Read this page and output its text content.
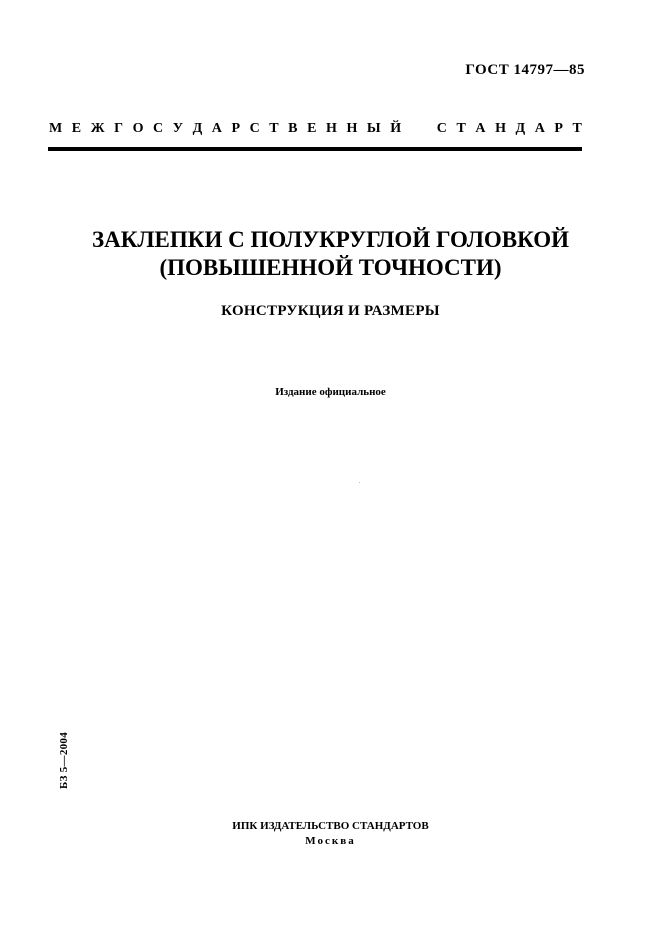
ГОСТ 14797—85
М Е Ж Г О С У Д А Р С Т В Е Н Н Ы Й

	С Т А Н Д А Р Т
ЗАКЛЕПКИ С ПОЛУКРУГЛОЙ ГОЛОВКОЙ
(ПОВЫШЕННОЙ ТОЧНОСТИ)
КОНСТРУКЦИЯ И РАЗМЕРЫ
Издание официальное
БЗ 5—2004
ИПК ИЗДАТЕЛЬСТВО СТАНДАРТОВ
Москва
